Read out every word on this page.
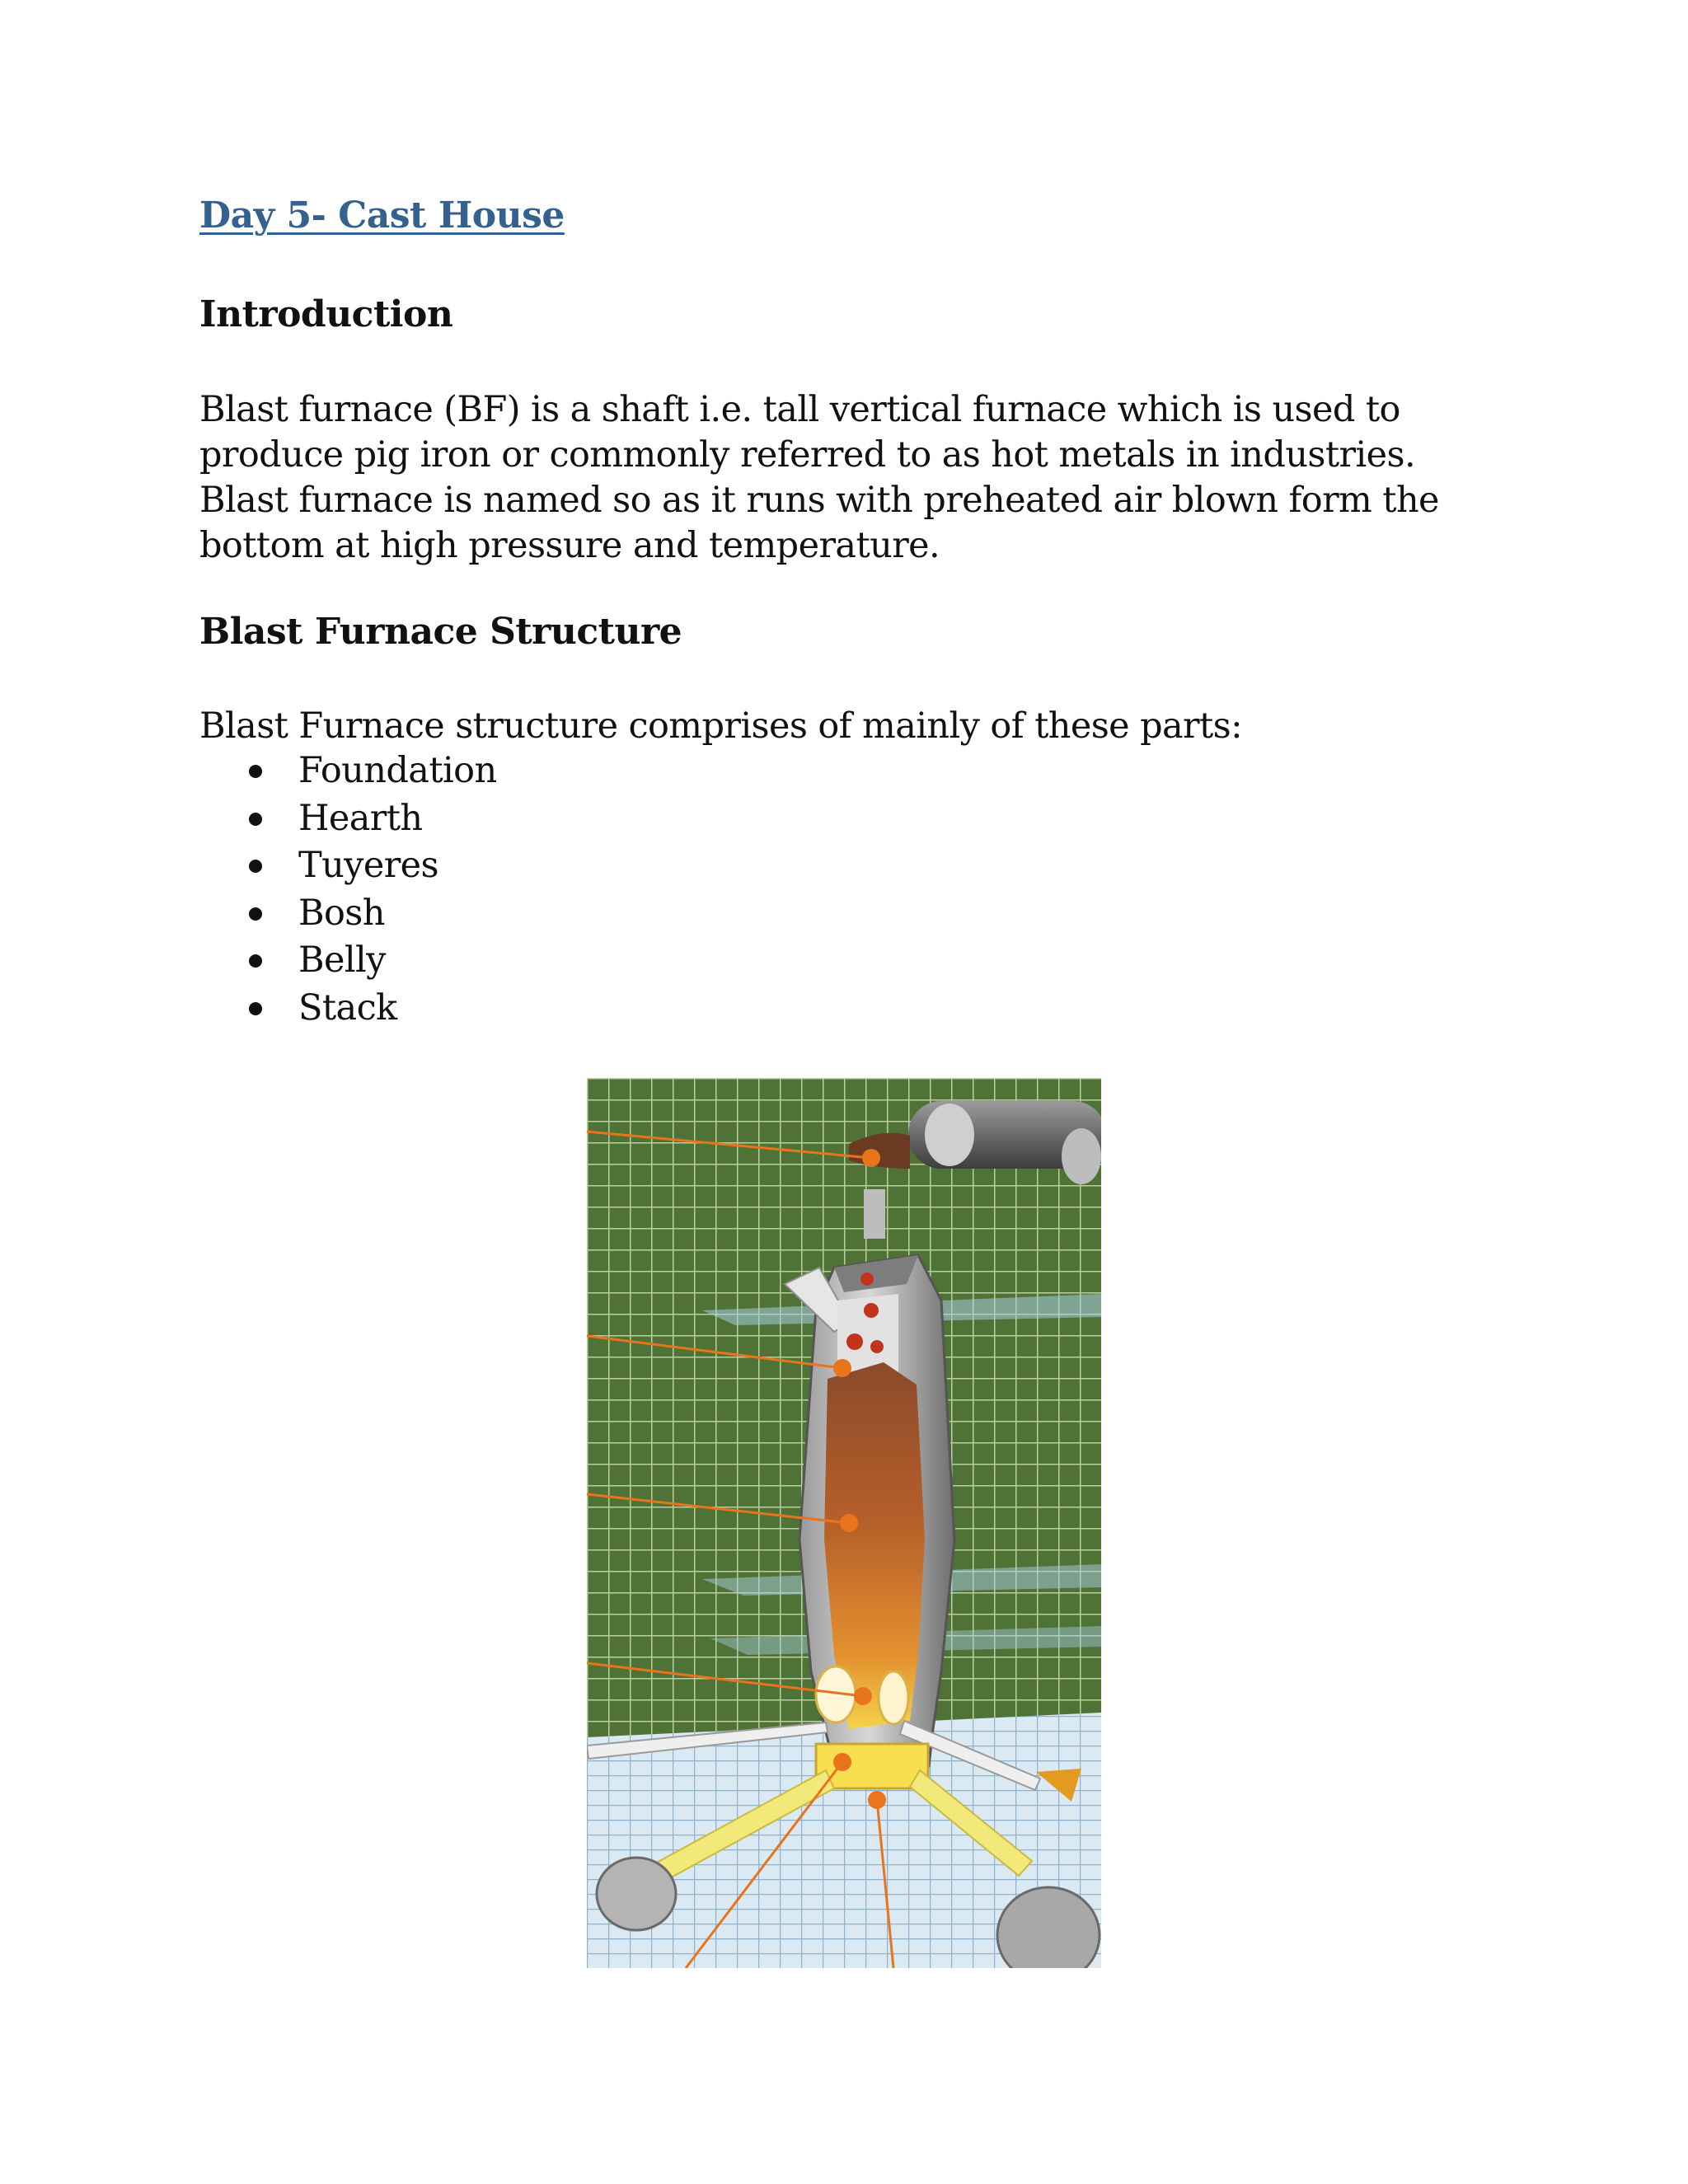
Day 5- Cast House
Introduction

Blast furnace (BF) is a shaft i.e. tall vertical furnace which is used to produce pig iron or commonly referred to as hot metals in industries. Blast furnace is named so as it runs with preheated air blown form the bottom at high pressure and temperature.

Blast Furnace Structure

Blast Furnace structure comprises of mainly of these parts:

Foundation
Hearth
Tuyeres
Bosh
Belly
Stack
